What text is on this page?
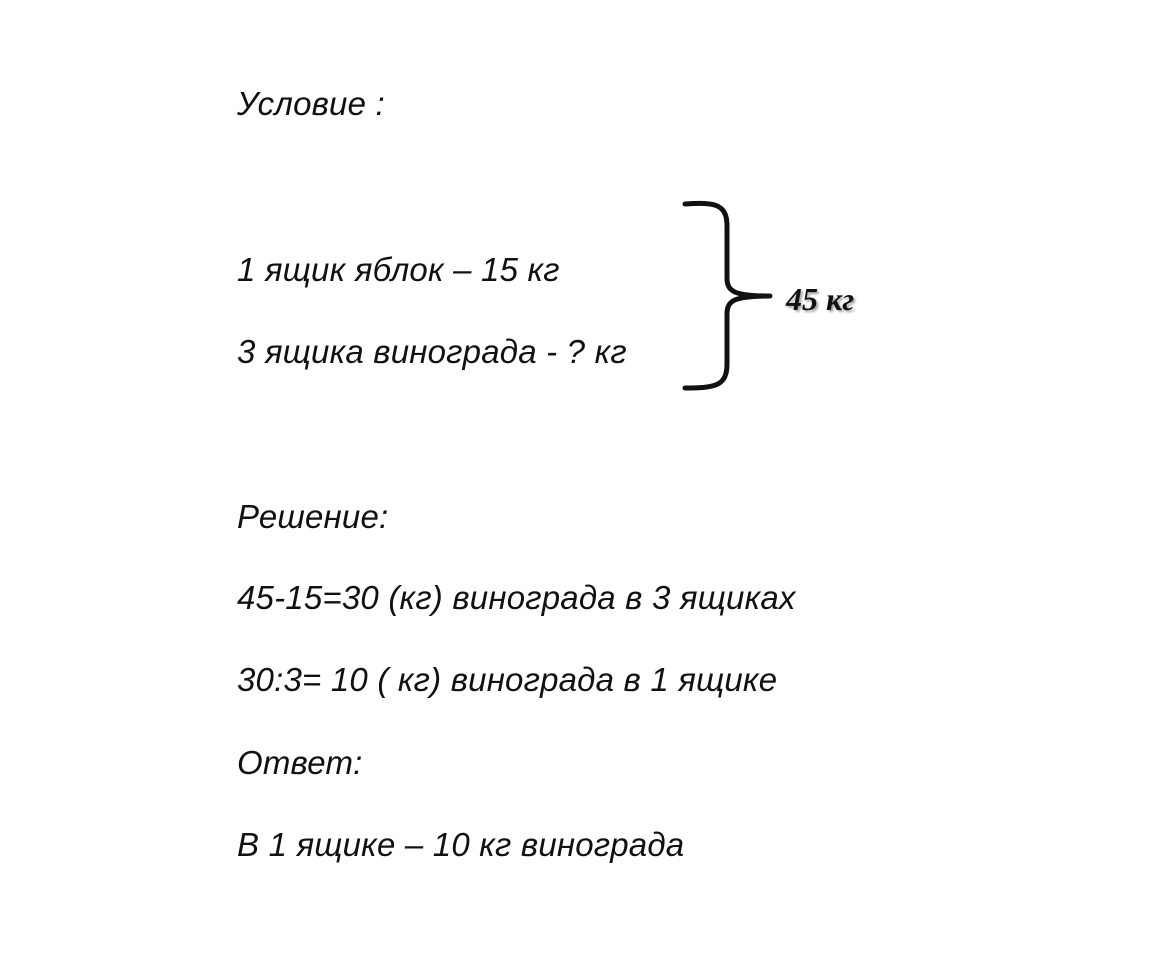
Условие :
1 ящик яблок – 15 кг
3 ящика винограда - ? кг
45 кг
Решение:
45-15=30 (кг) винограда в 3 ящиках
30:3= 10 ( кг) винограда в 1 ящике
Ответ:
В 1 ящике – 10 кг винограда
